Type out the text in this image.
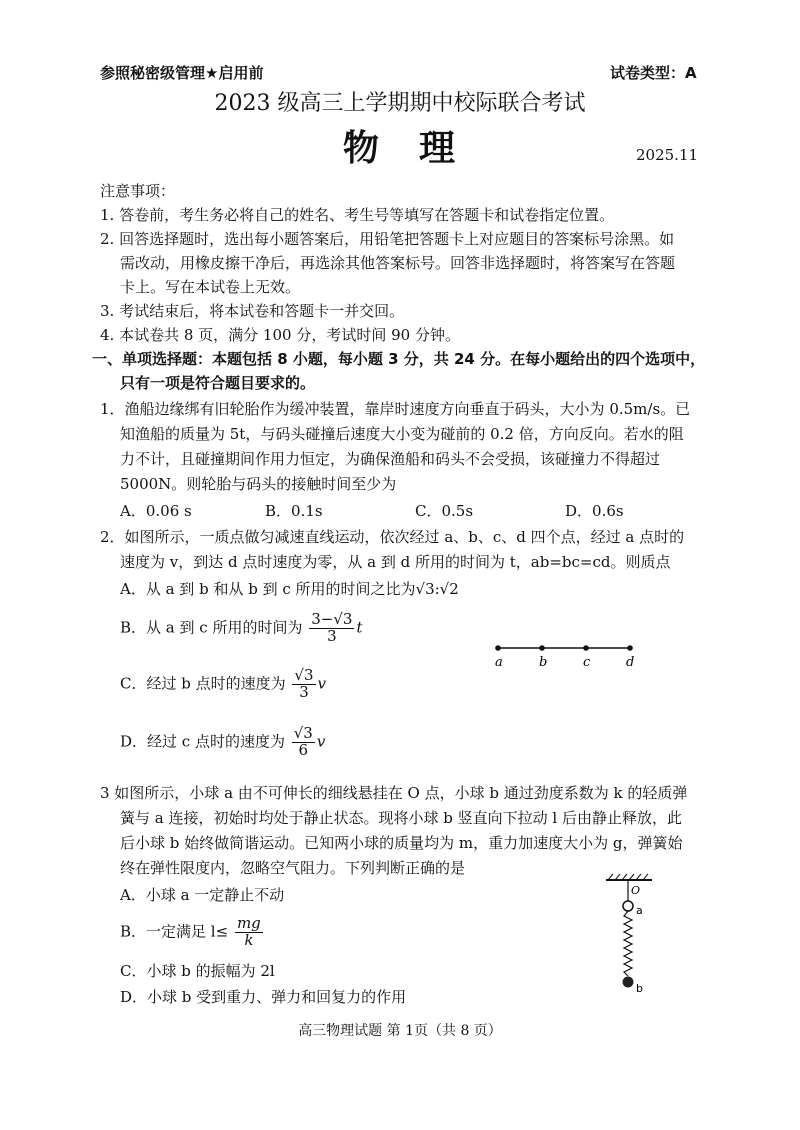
参照秘密级管理★启用前	试卷类型：A
2023 级高三上学期期中校际联合考试
物　理	2025.11
注意事项：
1. 答卷前，考生务必将自己的姓名、考生号等填写在答题卡和试卷指定位置。
2. 回答选择题时，选出每小题答案后，用铅笔把答题卡上对应题目的答案标号涂黑。如
需改动，用橡皮擦干净后，再选涂其他答案标号。回答非选择题时，将答案写在答题
卡上。写在本试卷上无效。
3. 考试结束后，将本试卷和答题卡一并交回。
4. 本试卷共 8 页，满分 100 分，考试时间 90 分钟。
一、单项选择题：本题包括 8 小题，每小题 3 分，共 24 分。在每小题给出的四个选项中，
只有一项是符合题目要求的。
1．渔船边缘绑有旧轮胎作为缓冲装置，靠岸时速度方向垂直于码头，大小为 0.5m/s。已
知渔船的质量为 5t，与码头碰撞后速度大小变为碰前的 0.2 倍，方向反向。若水的阻
力不计，且碰撞期间作用力恒定，为确保渔船和码头不会受损，该碰撞力不得超过
5000N。则轮胎与码头的接触时间至少为
A．0.06 s	B．0.1s	C．0.5s	D．0.6s
2．如图所示，一质点做匀减速直线运动，依次经过 a、b、c、d 四个点，经过 a 点时的
速度为 v，到达 d 点时速度为零，从 a 到 d 所用的时间为 t，ab=bc=cd。则质点
A．从 a 到 b 和从 b 到 c 所用的时间之比为√3:√2
B．从 a 到 c 所用的时间为 $\frac{3-√3}{3}$ t
C．经过 b 点时的速度为 $\frac{√3}{3}$ v
D．经过 c 点时的速度为 $\frac{√3}{6}$ v
a	b	c	d
3 如图所示，小球 a 由不可伸长的细线悬挂在 O 点，小球 b 通过劲度系数为 k 的轻质弹
簧与 a 连接，初始时均处于静止状态。现将小球 b 竖直向下拉动 l 后由静止释放，此
后小球 b 始终做简谐运动。已知两小球的质量均为 m，重力加速度大小为 g，弹簧始
终在弹性限度内，忽略空气阻力。下列判断正确的是
A．小球 a 一定静止不动
B．一定满足 $l\le \frac{mg}{k}$
C．小球 b 的振幅为 2l
D．小球 b 受到重力、弹力和回复力的作用
O
a
b
高三物理试题 第 1页（共 8 页）
